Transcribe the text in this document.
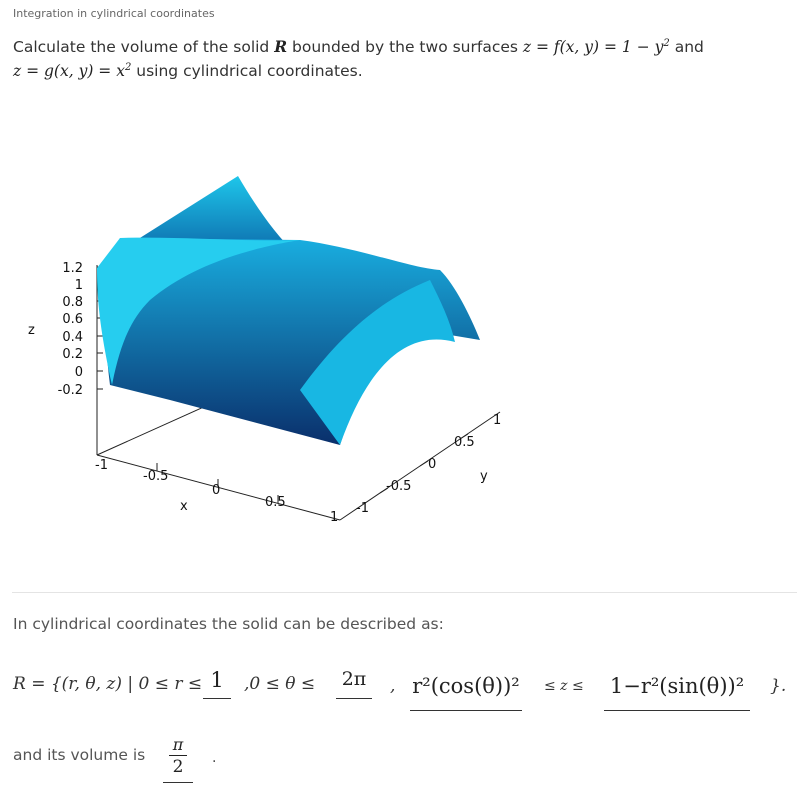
Integration in cylindrical coordinates
Calculate the volume of the solid R bounded by the two surfaces z = f(x, $y) = 1 - y^2$ and
z = g(x, $y) = x^2$ using cylindrical coordinates.
1.2
1
0.8
0.6
0.4
0.2
0
-0.2
z
-1
-0.5
0
0.5
1
x	-1
-0.5
0
0.5
1
y
In cylindrical coordinates the solid can be described as:
R = {(r, θ, z) | 0 ≤ r ≤ 1	,0 ≤ θ ≤	2π	, r²(cos(θ))² ≤ z ≤ 1−r²(sin(θ))²	}.
and its volume is
π
2	.
